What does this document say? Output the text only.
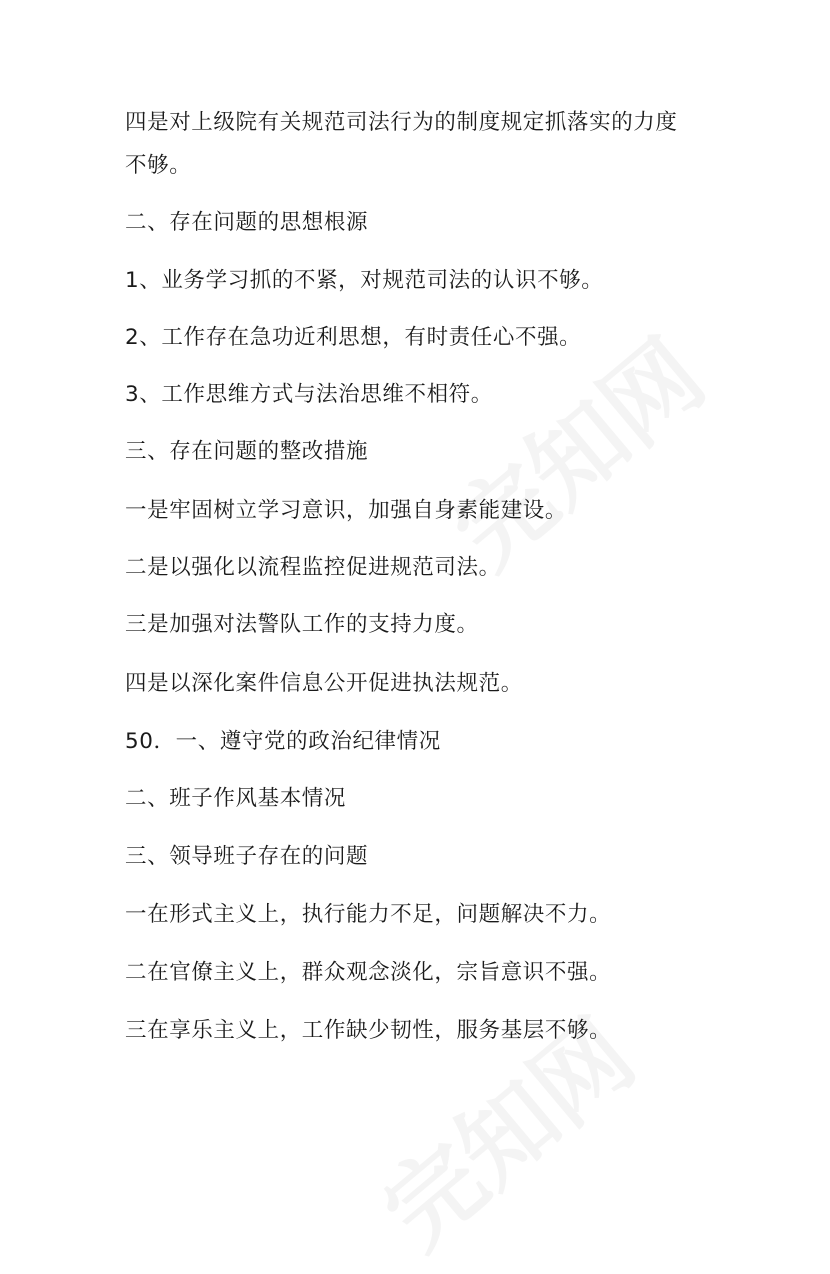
四是对上级院有关规范司法行为的制度规定抓落实的力度
不够。
二、存在问题的思想根源
1、业务学习抓的不紧，对规范司法的认识不够。
2、工作存在急功近利思想，有时责任心不强。
3、工作思维方式与法治思维不相符。
三、存在问题的整改措施
一是牢固树立学习意识，加强自身素能建设。
二是以强化以流程监控促进规范司法。
三是加强对法警队工作的支持力度。
四是以深化案件信息公开促进执法规范。
50．一、遵守党的政治纪律情况
二、班子作风基本情况
三、领导班子存在的问题
一在形式主义上，执行能力不足，问题解决不力。
二在官僚主义上，群众观念淡化，宗旨意识不强。
三在享乐主义上，工作缺少韧性，服务基层不够。
